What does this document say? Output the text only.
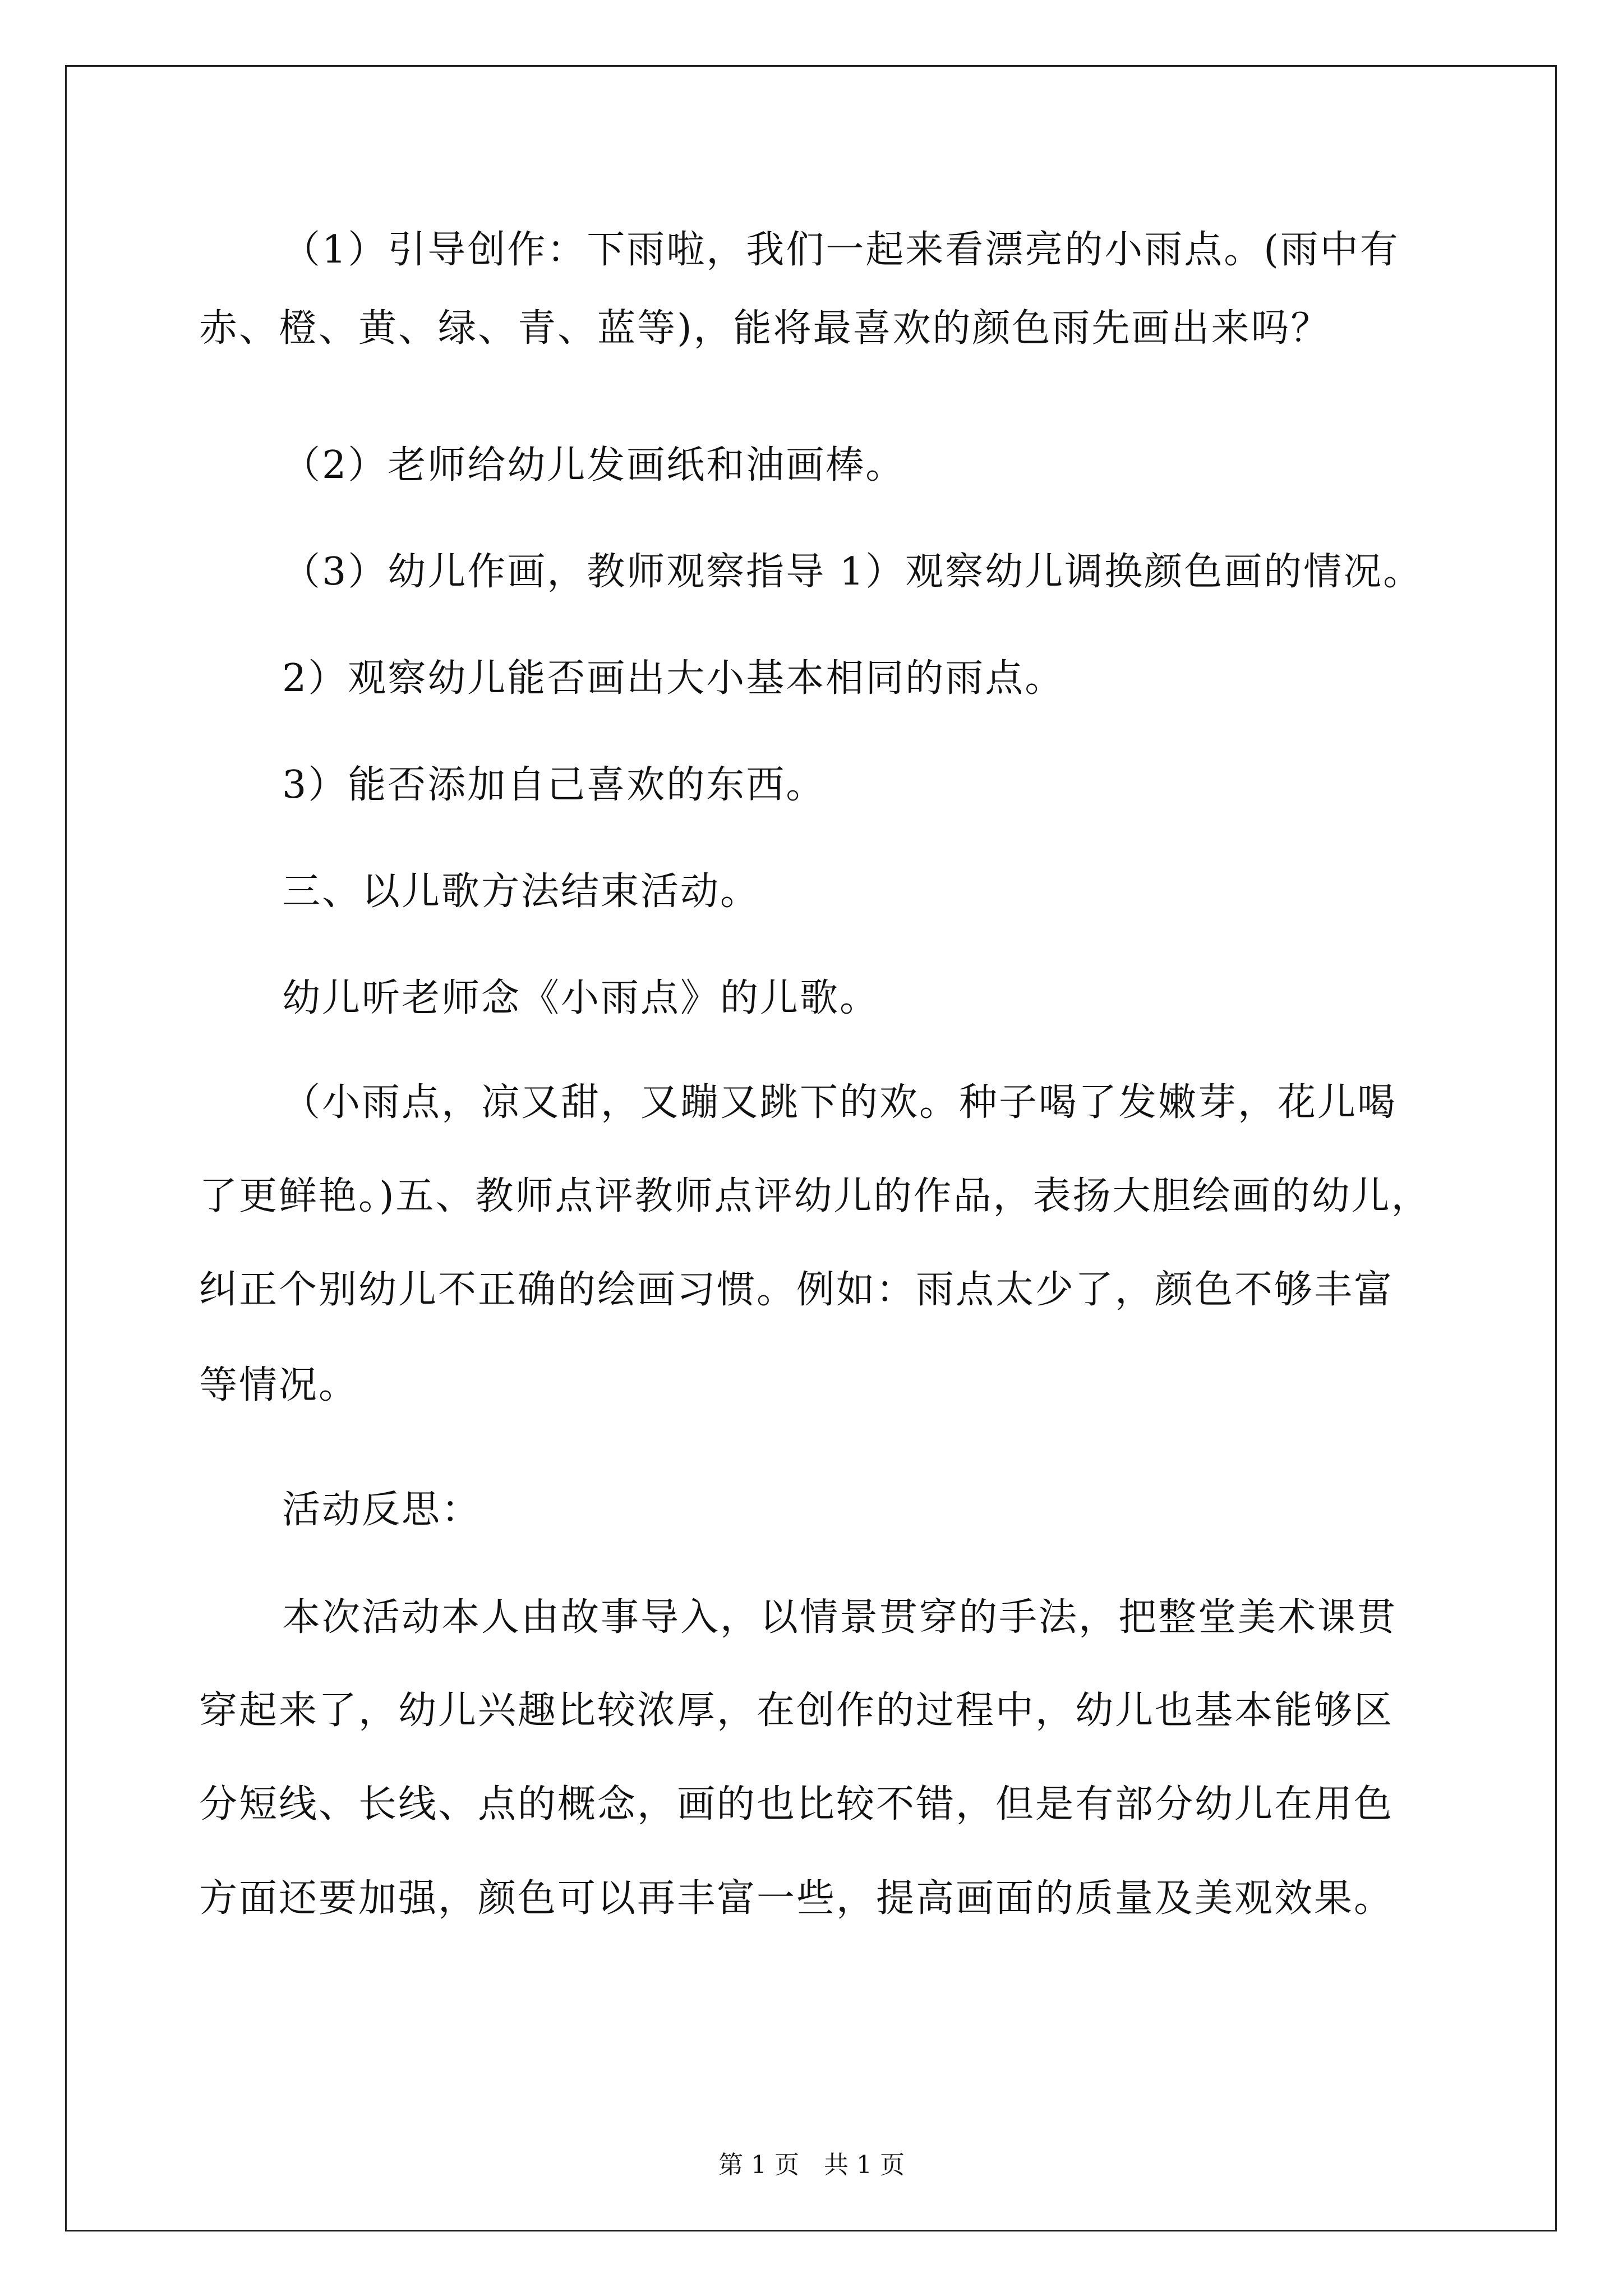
（1）引导创作：下雨啦，我们一起来看漂亮的小雨点。(雨中有
赤、橙、黄、绿、青、蓝等)，能将最喜欢的颜色雨先画出来吗？
（2）老师给幼儿发画纸和油画棒。
（3）幼儿作画，教师观察指导 1）观察幼儿调换颜色画的情况。
2）观察幼儿能否画出大小基本相同的雨点。
3）能否添加自己喜欢的东西。
三、以儿歌方法结束活动。
幼儿听老师念《小雨点》的儿歌。
（小雨点，凉又甜，又蹦又跳下的欢。种子喝了发嫩芽，花儿喝
了更鲜艳。)五、教师点评教师点评幼儿的作品，表扬大胆绘画的幼儿，
纠正个别幼儿不正确的绘画习惯。例如：雨点太少了，颜色不够丰富
等情况。
活动反思：
本次活动本人由故事导入，以情景贯穿的手法，把整堂美术课贯
穿起来了，幼儿兴趣比较浓厚，在创作的过程中，幼儿也基本能够区
分短线、长线、点的概念，画的也比较不错，但是有部分幼儿在用色
方面还要加强，颜色可以再丰富一些，提高画面的质量及美观效果。
第 1 页　共 1 页
